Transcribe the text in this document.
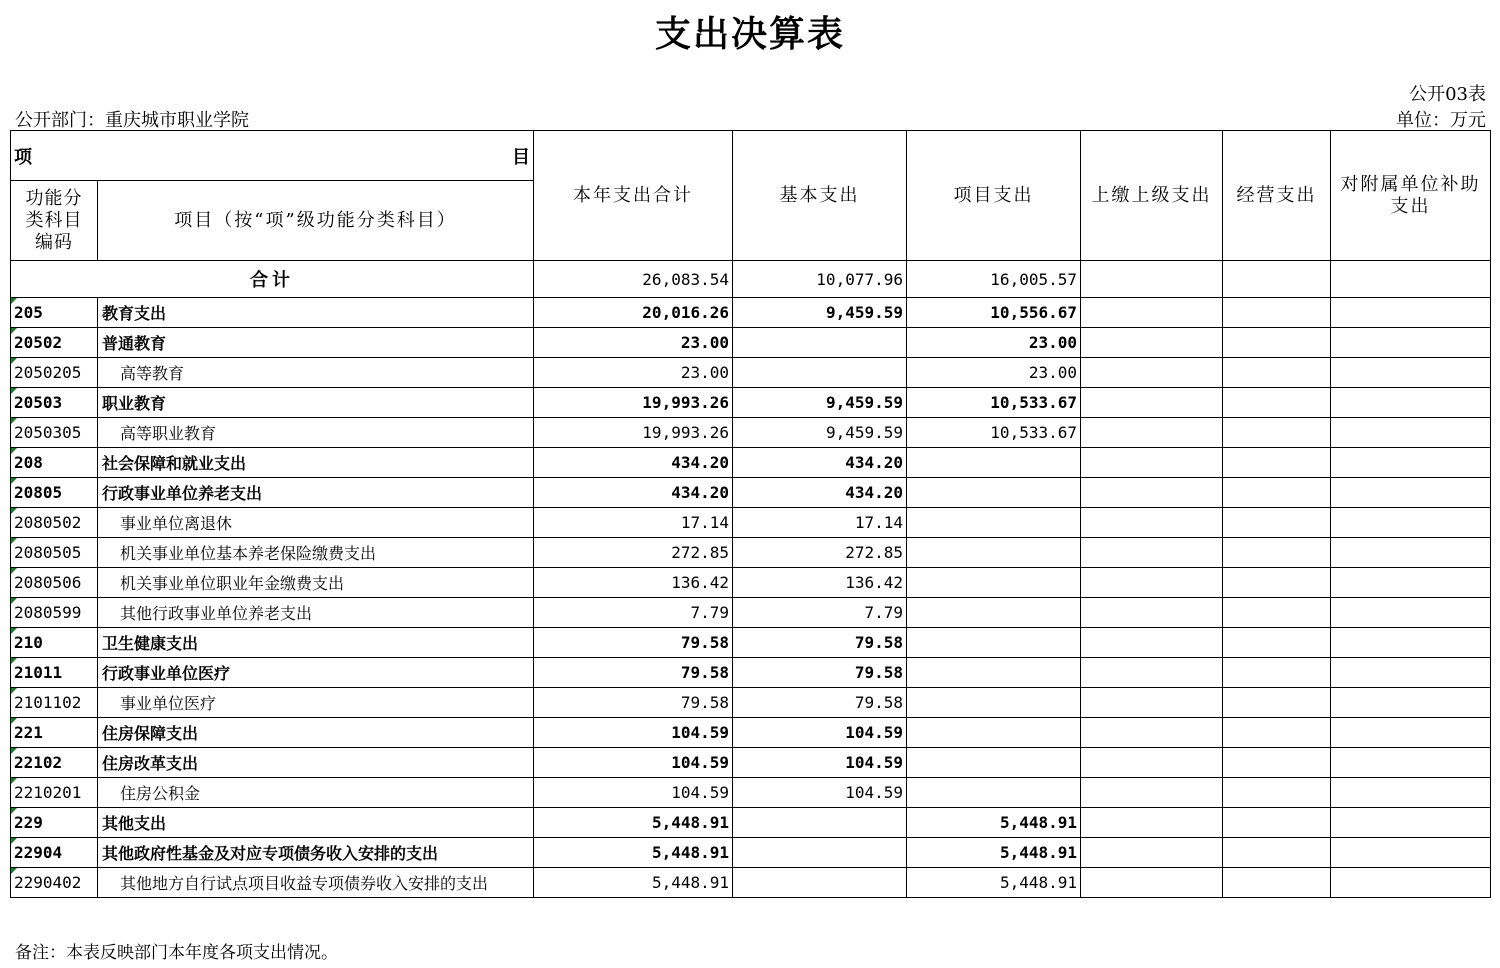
支出决算表
公开03表
公开部门：重庆城市职业学院	单位：万元
项 目		本年支出合计	基本支出	项目支出	上缴上级支出	经营支出	对附属单位补助支出
功能分类科目编码	项目（按“项”级功能分类科目）						
合计		26,083.54	10,077.96	16,005.57			
205	教育支出	20,016.26	9,459.59	10,556.67			
20502	普通教育	23.00		23.00			
2050205	高等教育	23.00		23.00			
20503	职业教育	19,993.26	9,459.59	10,533.67			
2050305	高等职业教育	19,993.26	9,459.59	10,533.67			
208	社会保障和就业支出	434.20	434.20				
20805	行政事业单位养老支出	434.20	434.20				
2080502	事业单位离退休	17.14	17.14				
2080505	机关事业单位基本养老保险缴费支出	272.85	272.85				
2080506	机关事业单位职业年金缴费支出	136.42	136.42				
2080599	其他行政事业单位养老支出	7.79	7.79				
210	卫生健康支出	79.58	79.58				
21011	行政事业单位医疗	79.58	79.58				
2101102	事业单位医疗	79.58	79.58				
221	住房保障支出	104.59	104.59				
22102	住房改革支出	104.59	104.59				
2210201	住房公积金	104.59	104.59				
229	其他支出	5,448.91		5,448.91			
22904	其他政府性基金及对应专项债务收入安排的支出	5,448.91		5,448.91			
2290402	其他地方自行试点项目收益专项债券收入安排的支出	5,448.91		5,448.91			
备注：本表反映部门本年度各项支出情况。
